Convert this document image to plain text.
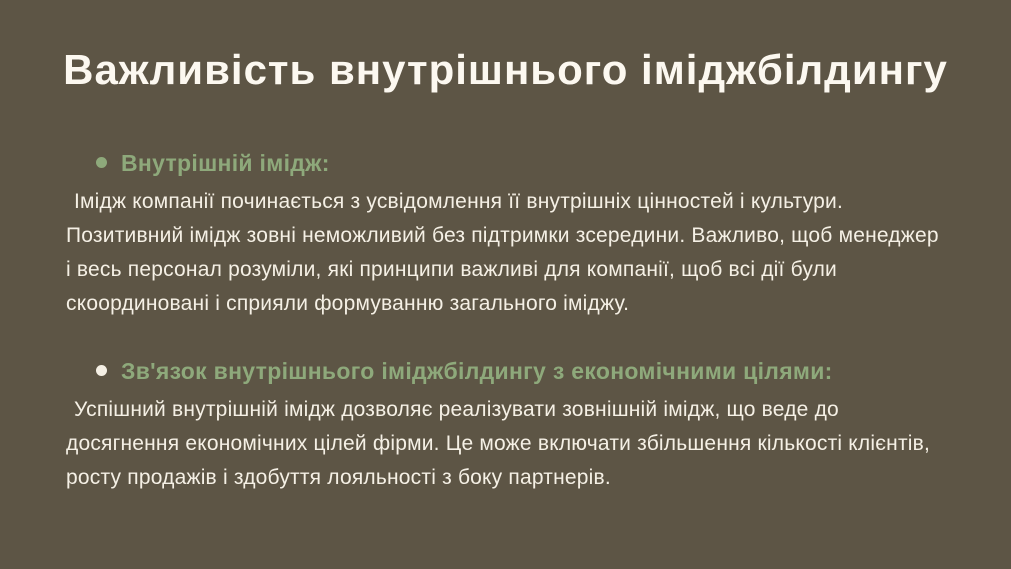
Важливість внутрішнього іміджбілдингу
Внутрішній імідж:

Імідж компанії починається з усвідомлення її внутрішніх цінностей і культури. Позитивний імідж зовні неможливий без підтримки зсередини. Важливо, щоб менеджер і весь персонал розуміли, які принципи важливі для компанії, щоб всі дії були скоординовані і сприяли формуванню загального іміджу.

Зв'язок внутрішнього іміджбілдингу з економічними цілями:

Успішний внутрішній імідж дозволяє реалізувати зовнішній імідж, що веде до досягнення економічних цілей фірми. Це може включати збільшення кількості клієнтів, росту продажів і здобуття лояльності з боку партнерів.
